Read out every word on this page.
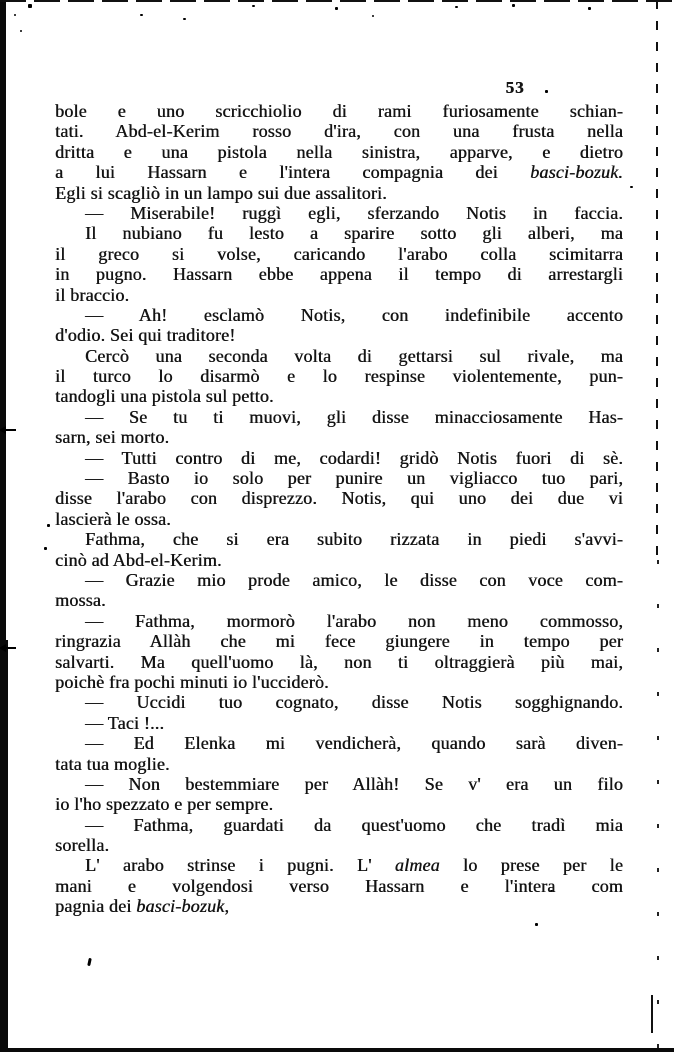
53
bole e uno scricchiolio di rami furiosamente schian-
tati. Abd-el-Kerim rosso d'ira, con una frusta nella
dritta e una pistola nella sinistra, apparve, e dietro
a lui Hassarn e l'intera compagnia dei basci-bozuk.
Egli si scagliò in un lampo sui due assalitori.
— Miserabile! ruggì egli, sferzando Notis in faccia.
Il nubiano fu lesto a sparire sotto gli alberi, ma
il greco si volse, caricando l'arabo colla scimitarra
in pugno. Hassarn ebbe appena il tempo di arrestargli
il braccio.
— Ah! esclamò Notis, con indefinibile accento
d'odio. Sei qui traditore!
Cercò una seconda volta di gettarsi sul rivale, ma
il turco lo disarmò e lo respinse violentemente, pun-
tandogli una pistola sul petto.
— Se tu ti muovi, gli disse minacciosamente Has-
sarn, sei morto.
— Tutti contro di me, codardi! gridò Notis fuori di sè.
— Basto io solo per punire un vigliacco tuo pari,
disse l'arabo con disprezzo. Notis, qui uno dei due vi
lascierà le ossa.
Fathma, che si era subito rizzata in piedi s'avvi-
cinò ad Abd-el-Kerim.
— Grazie mio prode amico, le disse con voce com-
mossa.
— Fathma, mormorò l'arabo non meno commosso,
ringrazia Allàh che mi fece giungere in tempo per
salvarti. Ma quell'uomo là, non ti oltraggierà più mai,
poichè fra pochi minuti io l'ucciderò.
— Uccidi tuo cognato, disse Notis sogghignando.
— Taci !...
— Ed Elenka mi vendicherà, quando sarà diven-
tata tua moglie.
— Non bestemmiare per Allàh! Se v' era un filo
io l'ho spezzato e per sempre.
— Fathma, guardati da quest'uomo che tradì mia
sorella.
L' arabo strinse i pugni. L' almea lo prese per le
mani e volgendosi verso Hassarn e l'intera com
pagnia dei basci-bozuk,
